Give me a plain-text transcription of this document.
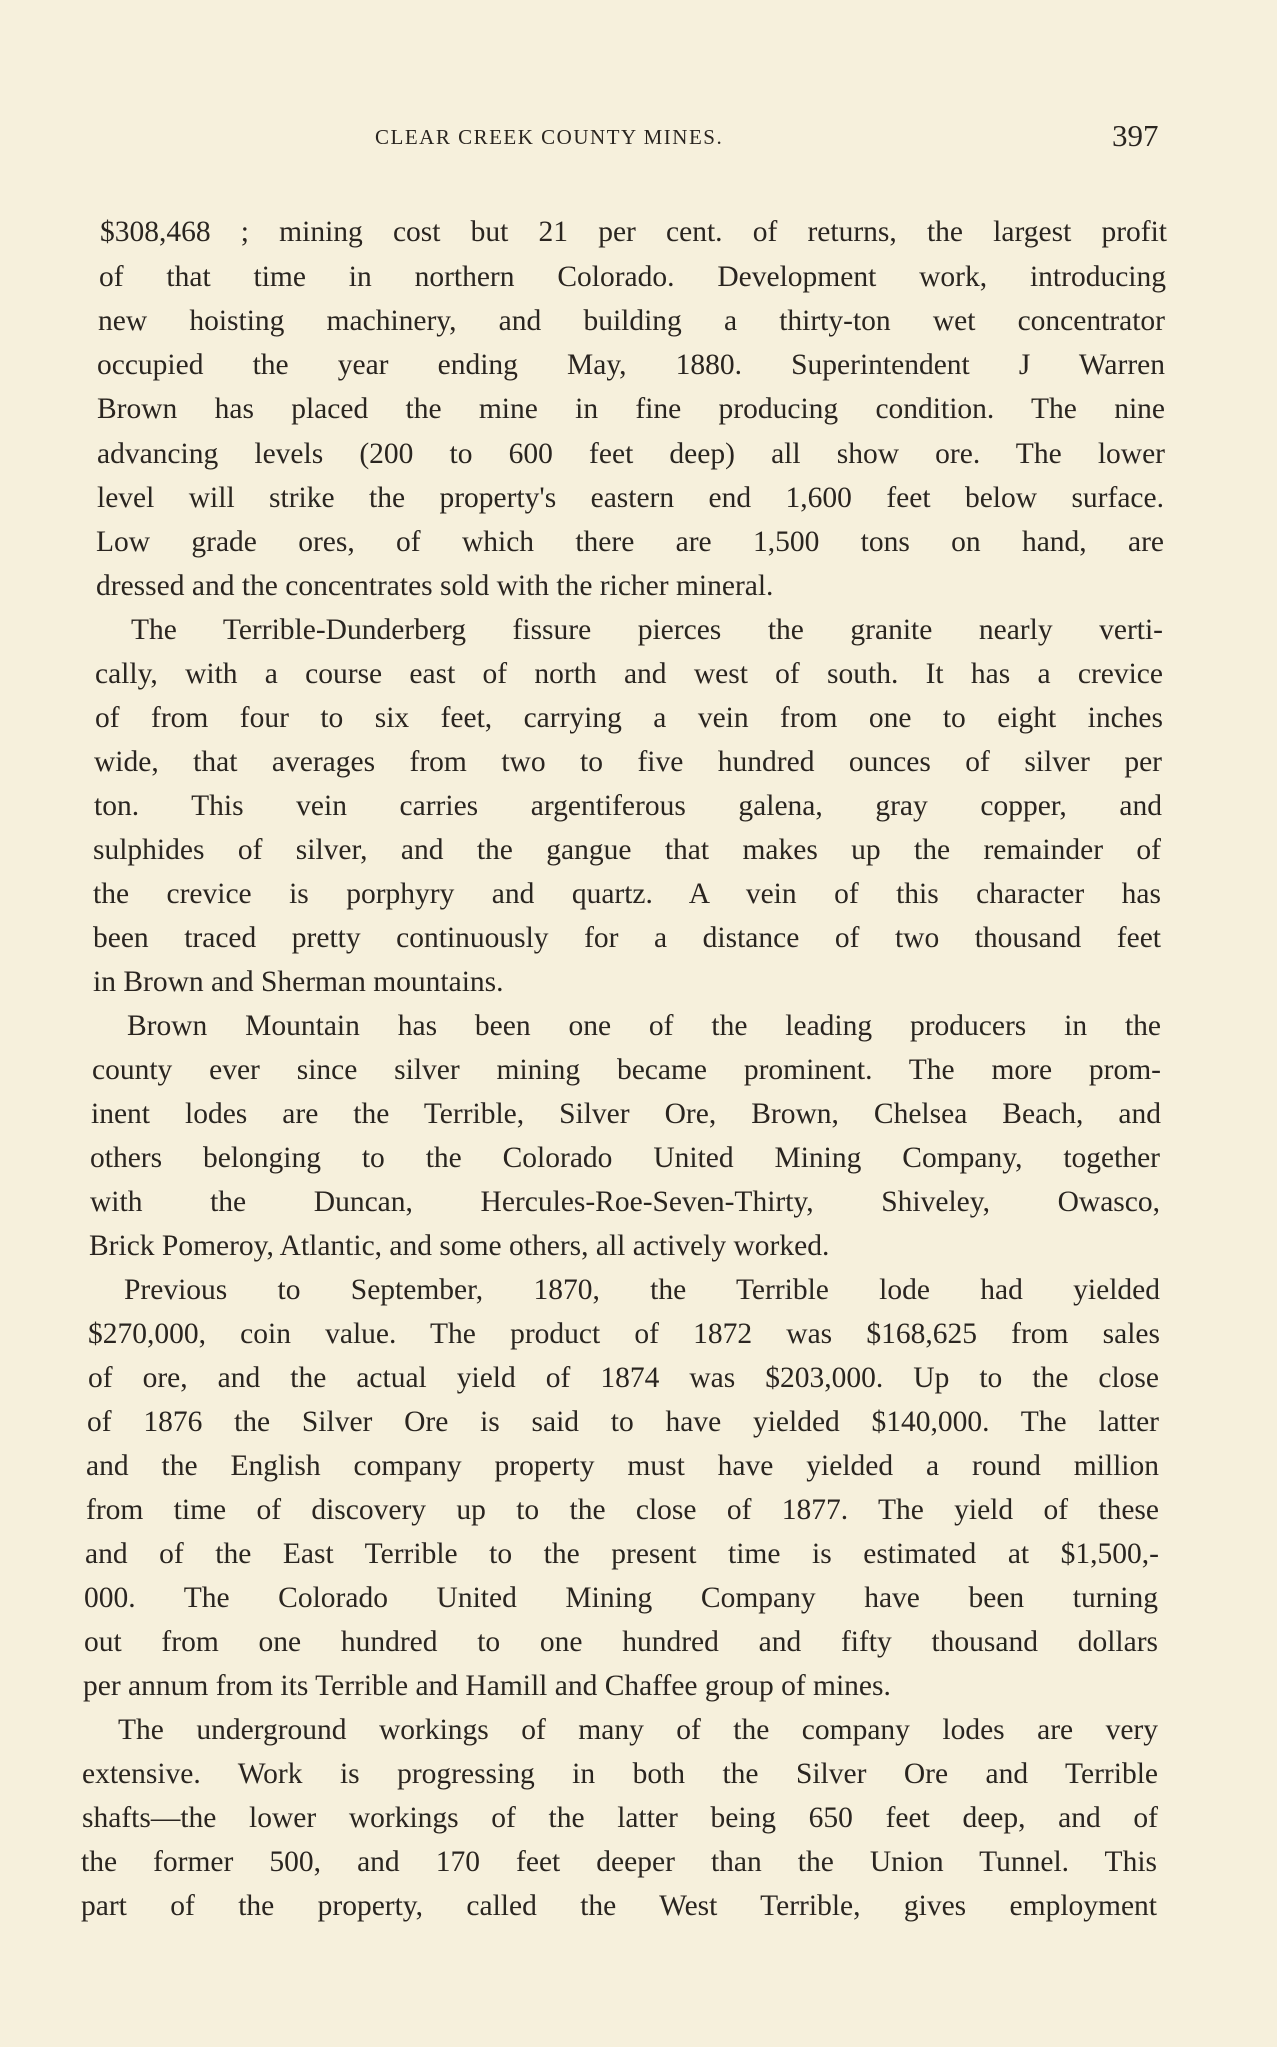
CLEAR CREEK COUNTY MINES.	397
$308,468 ; mining cost but 21 per cent. of returns, the largest profit
of that time in northern Colorado. Development work, introducing
new hoisting machinery, and building a thirty-ton wet concentrator
occupied the year ending May, 1880. Superintendent J Warren
Brown has placed the mine in fine producing condition. The nine
advancing levels (200 to 600 feet deep) all show ore. The lower
level will strike the property's eastern end 1,600 feet below surface.
Low grade ores, of which there are 1,500 tons on hand, are
dressed and the concentrates sold with the richer mineral.
The Terrible-Dunderberg fissure pierces the granite nearly verti-
cally, with a course east of north and west of south. It has a crevice
of from four to six feet, carrying a vein from one to eight inches
wide, that averages from two to five hundred ounces of silver per
ton. This vein carries argentiferous galena, gray copper, and
sulphides of silver, and the gangue that makes up the remainder of
the crevice is porphyry and quartz. A vein of this character has
been traced pretty continuously for a distance of two thousand feet
in Brown and Sherman mountains.
Brown Mountain has been one of the leading producers in the
county ever since silver mining became prominent. The more prom-
inent lodes are the Terrible, Silver Ore, Brown, Chelsea Beach, and
others belonging to the Colorado United Mining Company, together
with the Duncan, Hercules-Roe-Seven-Thirty, Shiveley, Owasco,
Brick Pomeroy, Atlantic, and some others, all actively worked.
Previous to September, 1870, the Terrible lode had yielded
$270,000, coin value. The product of 1872 was $168,625 from sales
of ore, and the actual yield of 1874 was $203,000. Up to the close
of 1876 the Silver Ore is said to have yielded $140,000. The latter
and the English company property must have yielded a round million
from time of discovery up to the close of 1877. The yield of these
and of the East Terrible to the present time is estimated at $1,500,-
000. The Colorado United Mining Company have been turning
out from one hundred to one hundred and fifty thousand dollars
per annum from its Terrible and Hamill and Chaffee group of mines.
The underground workings of many of the company lodes are very
extensive. Work is progressing in both the Silver Ore and Terrible
shafts—the lower workings of the latter being 650 feet deep, and of
the former 500, and 170 feet deeper than the Union Tunnel. This
part of the property, called the West Terrible, gives employment
